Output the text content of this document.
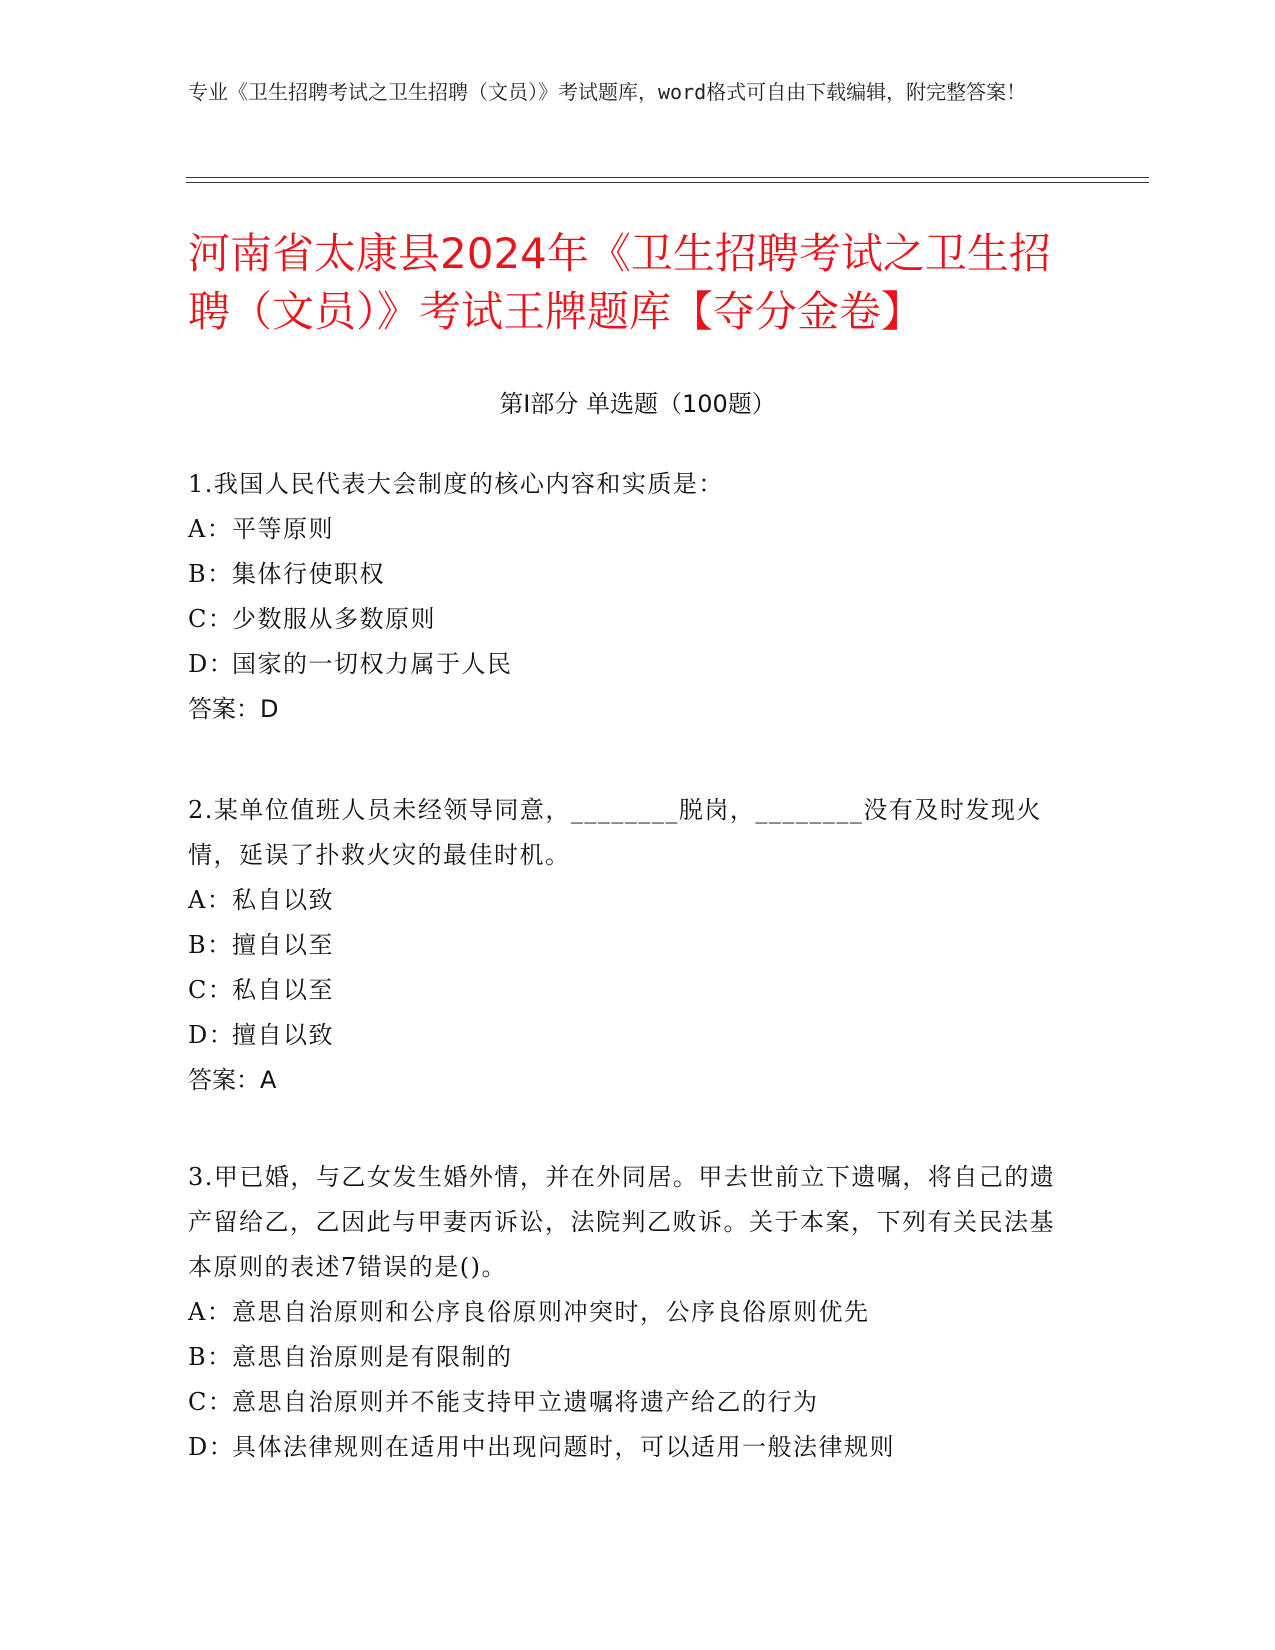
专业《卫生招聘考试之卫生招聘（文员）》考试题库，word格式可自由下载编辑，附完整答案！
河南省太康县2024年《卫生招聘考试之卫生招聘（文员）》考试王牌题库【夺分金卷】
第Ⅰ部分 单选题（100题）

1.我国人民代表大会制度的核心内容和实质是：

A：平等原则

B：集体行使职权

C：少数服从多数原则

D：国家的一切权力属于人民

答案：D

2.某单位值班人员未经领导同意，________脱岗，________没有及时发现火情，延误了扑救火灾的最佳时机。

A：私自以致

B：擅自以至

C：私自以至

D：擅自以致

答案：A

3.甲已婚，与乙女发生婚外情，并在外同居。甲去世前立下遗嘱，将自己的遗产留给乙，乙因此与甲妻丙诉讼，法院判乙败诉。关于本案，下列有关民法基本原则的表述7错误的是()。

A：意思自治原则和公序良俗原则冲突时，公序良俗原则优先

B：意思自治原则是有限制的

C：意思自治原则并不能支持甲立遗嘱将遗产给乙的行为

D：具体法律规则在适用中出现问题时，可以适用一般法律规则
